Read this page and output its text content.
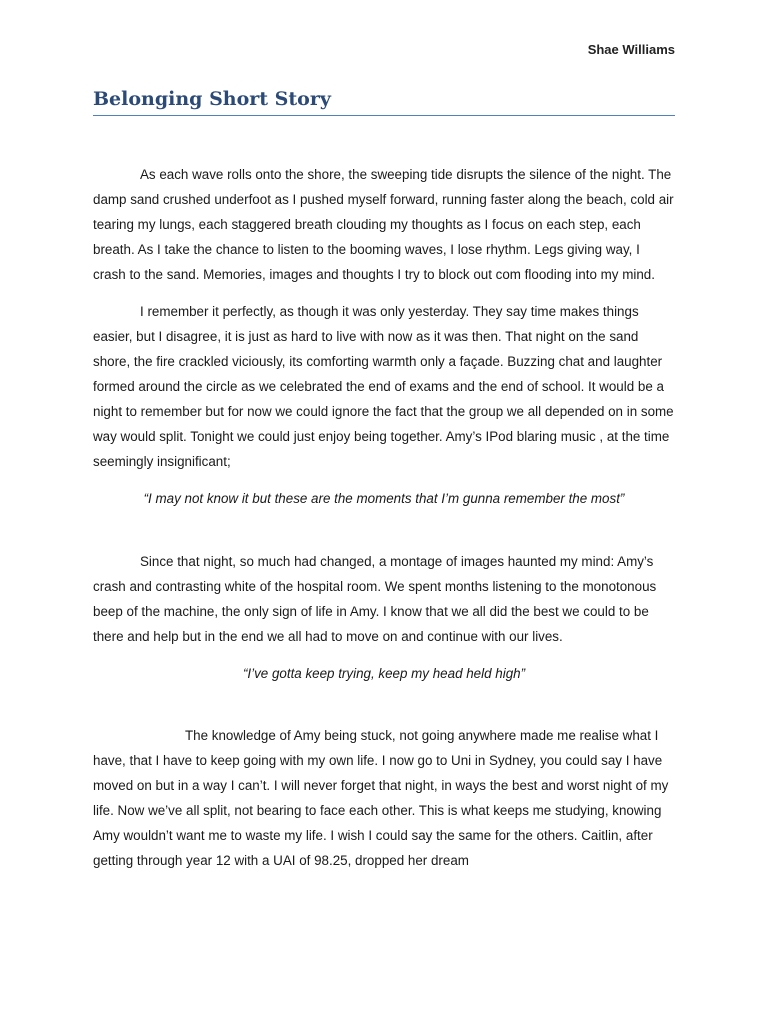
Shae Williams
Belonging Short Story

As each wave rolls onto the shore, the sweeping tide disrupts the silence of the night. The damp sand crushed underfoot as I pushed myself forward, running faster along the beach, cold air tearing my lungs, each staggered breath clouding my thoughts as I focus on each step, each breath. As I take the chance to listen to the booming waves, I lose rhythm. Legs giving way, I crash to the sand. Memories, images and thoughts I try to block out com flooding into my mind.

I remember it perfectly, as though it was only yesterday. They say time makes things easier, but I disagree, it is just as hard to live with now as it was then. That night on the sand shore, the fire crackled viciously, its comforting warmth only a façade. Buzzing chat and laughter formed around the circle as we celebrated the end of exams and the end of school. It would be a night to remember but for now we could ignore the fact that the group we all depended on in some way would split. Tonight we could just enjoy being together. Amy’s IPod blaring music , at the time seemingly insignificant;

“I may not know it but these are the moments that I’m gunna remember the most”

Since that night, so much had changed, a montage of images haunted my mind: Amy’s crash and contrasting white of the hospital room. We spent months listening to the monotonous beep of the machine, the only sign of life in Amy. I know that we all did the best we could to be there and help but in the end we all had to move on and continue with our lives.

“I’ve gotta keep trying, keep my head held high”

The knowledge of Amy being stuck, not going anywhere made me realise what I have, that I have to keep going with my own life. I now go to Uni in Sydney, you could say I have moved on but in a way I can’t. I will never forget that night, in ways the best and worst night of my life. Now we’ve all split, not bearing to face each other. This is what keeps me studying, knowing Amy wouldn’t want me to waste my life. I wish I could say the same for the others. Caitlin, after getting through year 12 with a UAI of 98.25, dropped her dream
